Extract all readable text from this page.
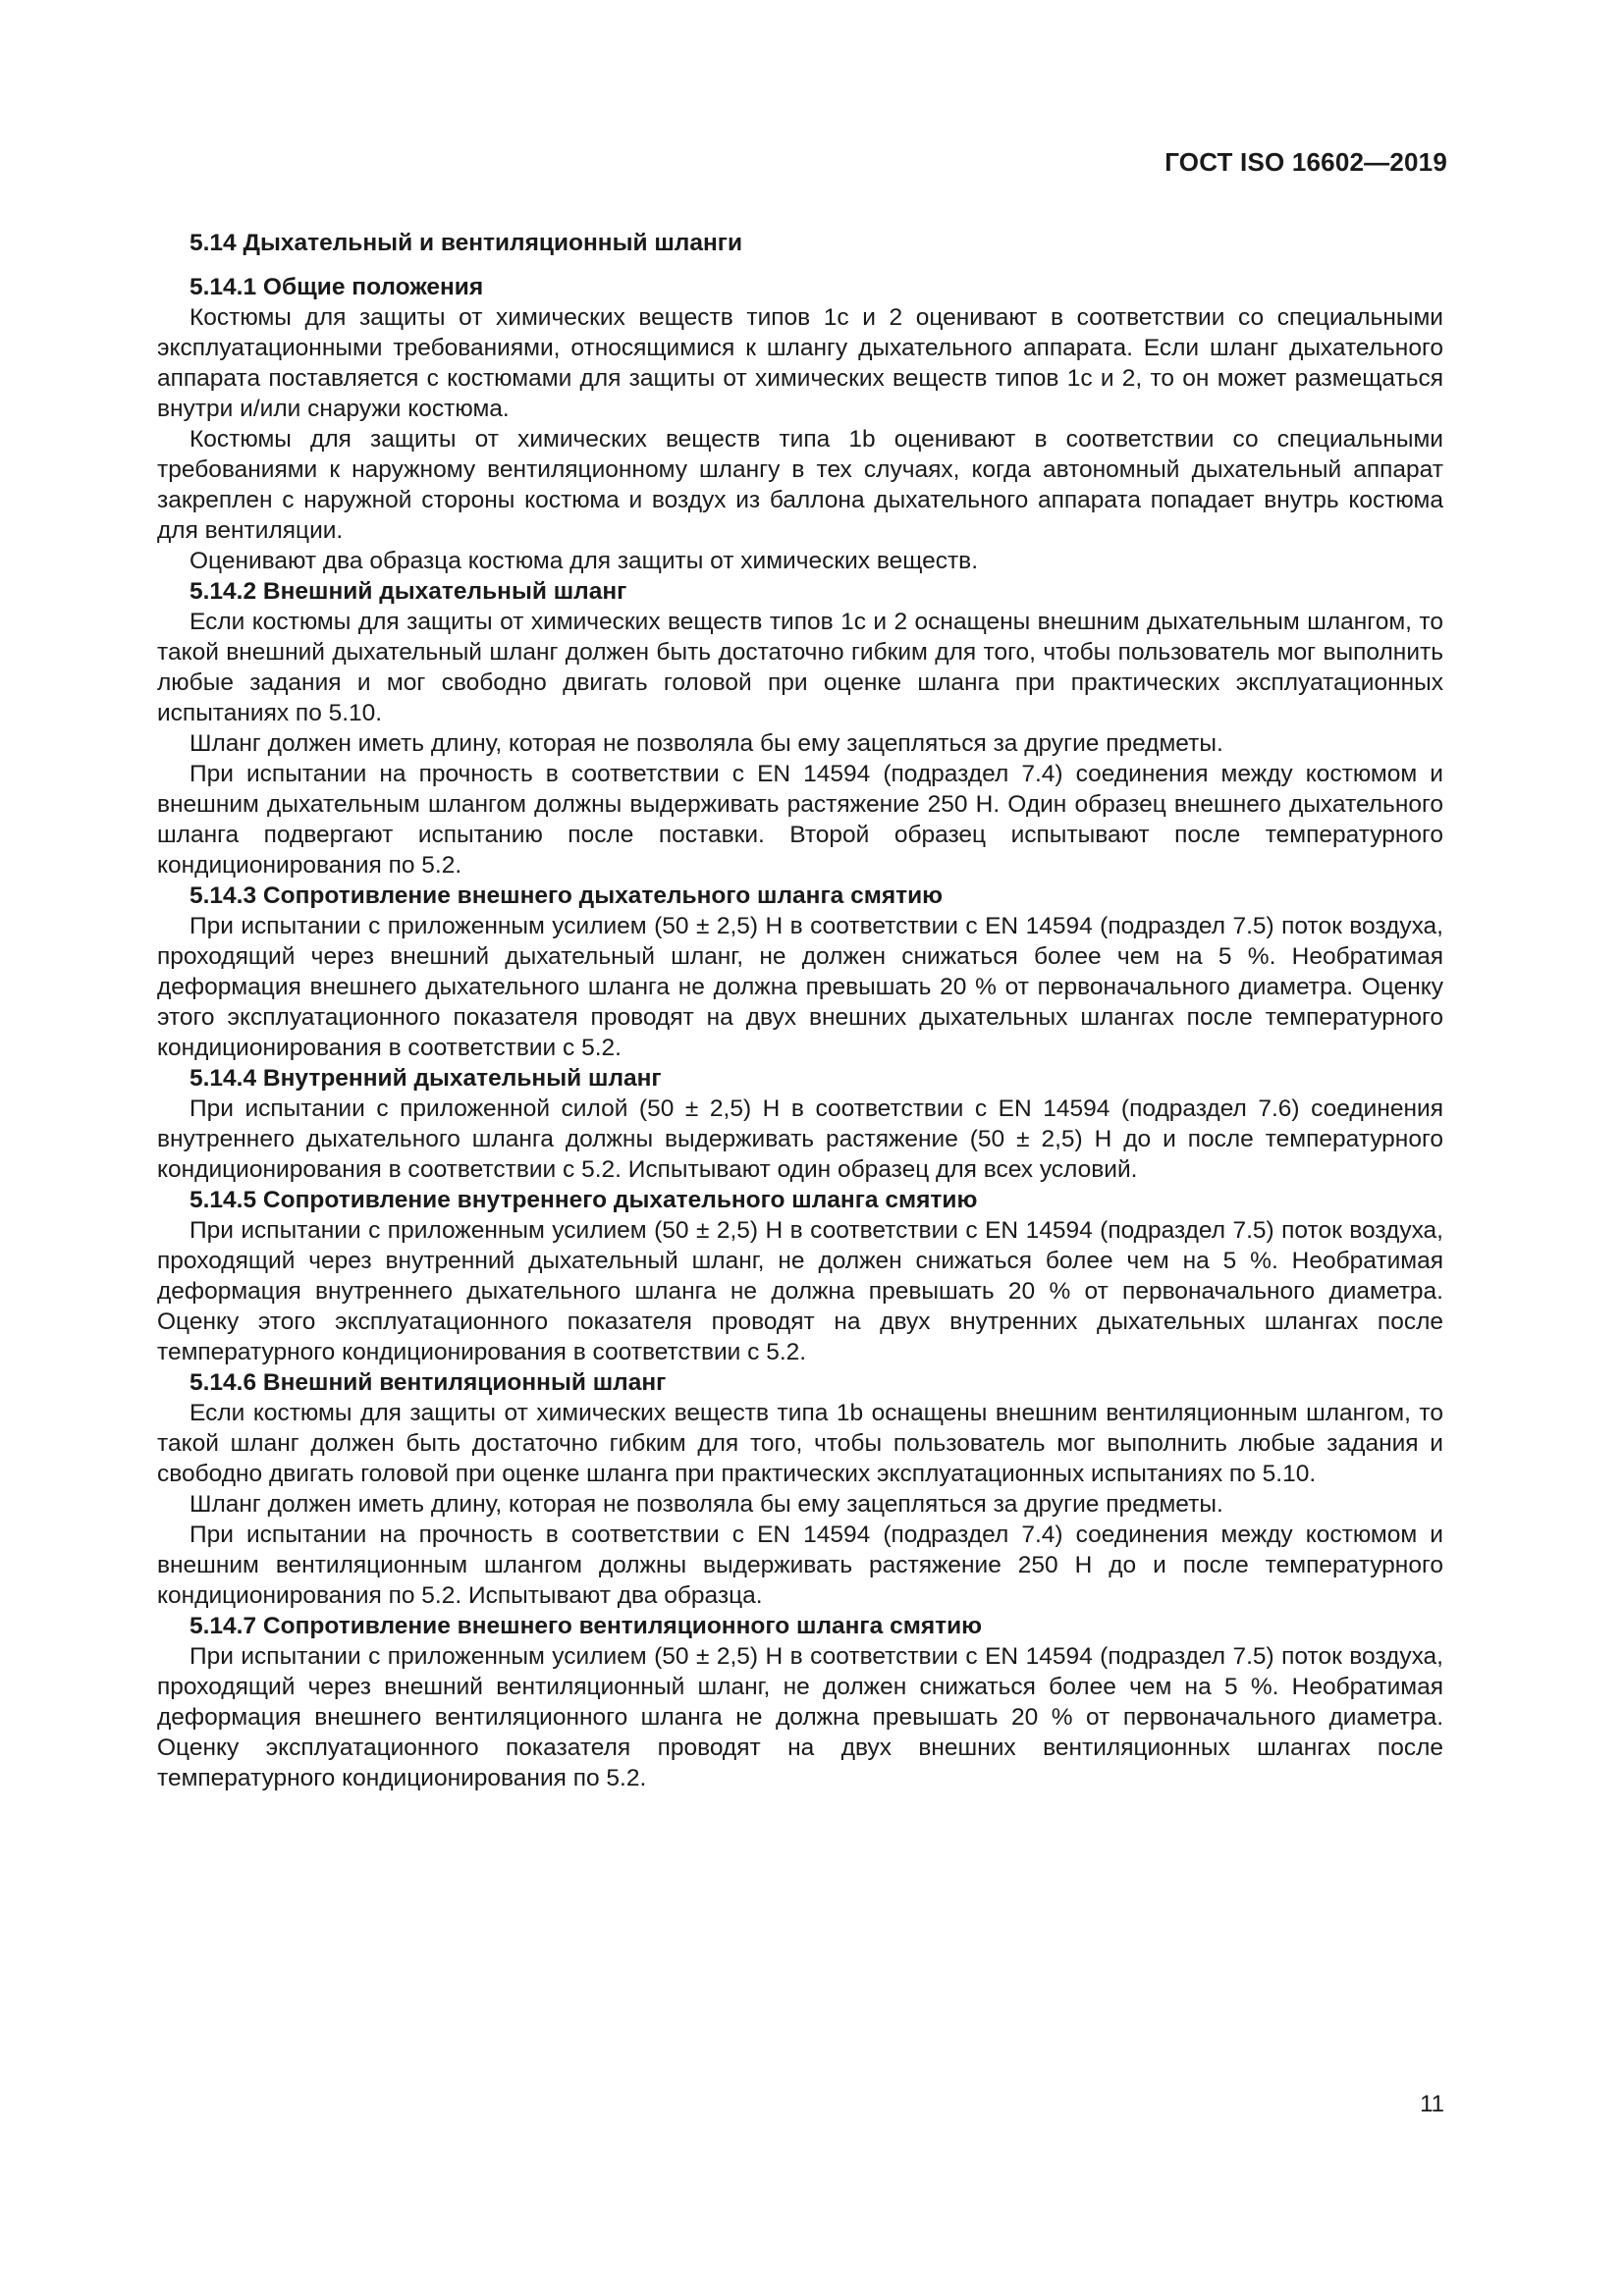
ГОСТ ISO 16602—2019

5.14 Дыхательный и вентиляционный шланги

5.14.1 Общие положения

Костюмы для защиты от химических веществ типов 1с и 2 оценивают в соответствии со специальными эксплуатационными требованиями, относящимися к шлангу дыхательного аппарата. Если шланг дыхательного аппарата поставляется с костюмами для защиты от химических веществ типов 1с и 2, то он может размещаться внутри и/или снаружи костюма.

Костюмы для защиты от химических веществ типа 1b оценивают в соответствии со специальными требованиями к наружному вентиляционному шлангу в тех случаях, когда автономный дыхательный аппарат закреплен с наружной стороны костюма и воздух из баллона дыхательного аппарата попадает внутрь костюма для вентиляции.

Оценивают два образца костюма для защиты от химических веществ.

5.14.2 Внешний дыхательный шланг

Если костюмы для защиты от химических веществ типов 1с и 2 оснащены внешним дыхательным шлангом, то такой внешний дыхательный шланг должен быть достаточно гибким для того, чтобы пользователь мог выполнить любые задания и мог свободно двигать головой при оценке шланга при практических эксплуатационных испытаниях по 5.10.

Шланг должен иметь длину, которая не позволяла бы ему зацепляться за другие предметы.

При испытании на прочность в соответствии с EN 14594 (подраздел 7.4) соединения между костюмом и внешним дыхательным шлангом должны выдерживать растяжение 250 Н. Один образец внешнего дыхательного шланга подвергают испытанию после поставки. Второй образец испытывают после температурного кондиционирования по 5.2.

5.14.3 Сопротивление внешнего дыхательного шланга смятию

При испытании с приложенным усилием (50 ± 2,5) Н в соответствии с EN 14594 (подраздел 7.5) поток воздуха, проходящий через внешний дыхательный шланг, не должен снижаться более чем на 5 %. Необратимая деформация внешнего дыхательного шланга не должна превышать 20 % от первоначального диаметра. Оценку этого эксплуатационного показателя проводят на двух внешних дыхательных шлангах после температурного кондиционирования в соответствии с 5.2.

5.14.4 Внутренний дыхательный шланг

При испытании с приложенной силой (50 ± 2,5) Н в соответствии с EN 14594 (подраздел 7.6) соединения внутреннего дыхательного шланга должны выдерживать растяжение (50 ± 2,5) Н до и после температурного кондиционирования в соответствии с 5.2. Испытывают один образец для всех условий.

5.14.5 Сопротивление внутреннего дыхательного шланга смятию

При испытании с приложенным усилием (50 ± 2,5) Н в соответствии с EN 14594 (подраздел 7.5) поток воздуха, проходящий через внутренний дыхательный шланг, не должен снижаться более чем на 5 %. Необратимая деформация внутреннего дыхательного шланга не должна превышать 20 % от первоначального диаметра. Оценку этого эксплуатационного показателя проводят на двух внутренних дыхательных шлангах после температурного кондиционирования в соответствии с 5.2.

5.14.6 Внешний вентиляционный шланг

Если костюмы для защиты от химических веществ типа 1b оснащены внешним вентиляционным шлангом, то такой шланг должен быть достаточно гибким для того, чтобы пользователь мог выполнить любые задания и свободно двигать головой при оценке шланга при практических эксплуатационных испытаниях по 5.10.

Шланг должен иметь длину, которая не позволяла бы ему зацепляться за другие предметы.

При испытании на прочность в соответствии с EN 14594 (подраздел 7.4) соединения между костюмом и внешним вентиляционным шлангом должны выдерживать растяжение 250 Н до и после температурного кондиционирования по 5.2. Испытывают два образца.

5.14.7 Сопротивление внешнего вентиляционного шланга смятию

При испытании с приложенным усилием (50 ± 2,5) Н в соответствии с EN 14594 (подраздел 7.5) поток воздуха, проходящий через внешний вентиляционный шланг, не должен снижаться более чем на 5 %. Необратимая деформация внешнего вентиляционного шланга не должна превышать 20 % от первоначального диаметра. Оценку эксплуатационного показателя проводят на двух внешних вентиляционных шлангах после температурного кондиционирования по 5.2.

11
